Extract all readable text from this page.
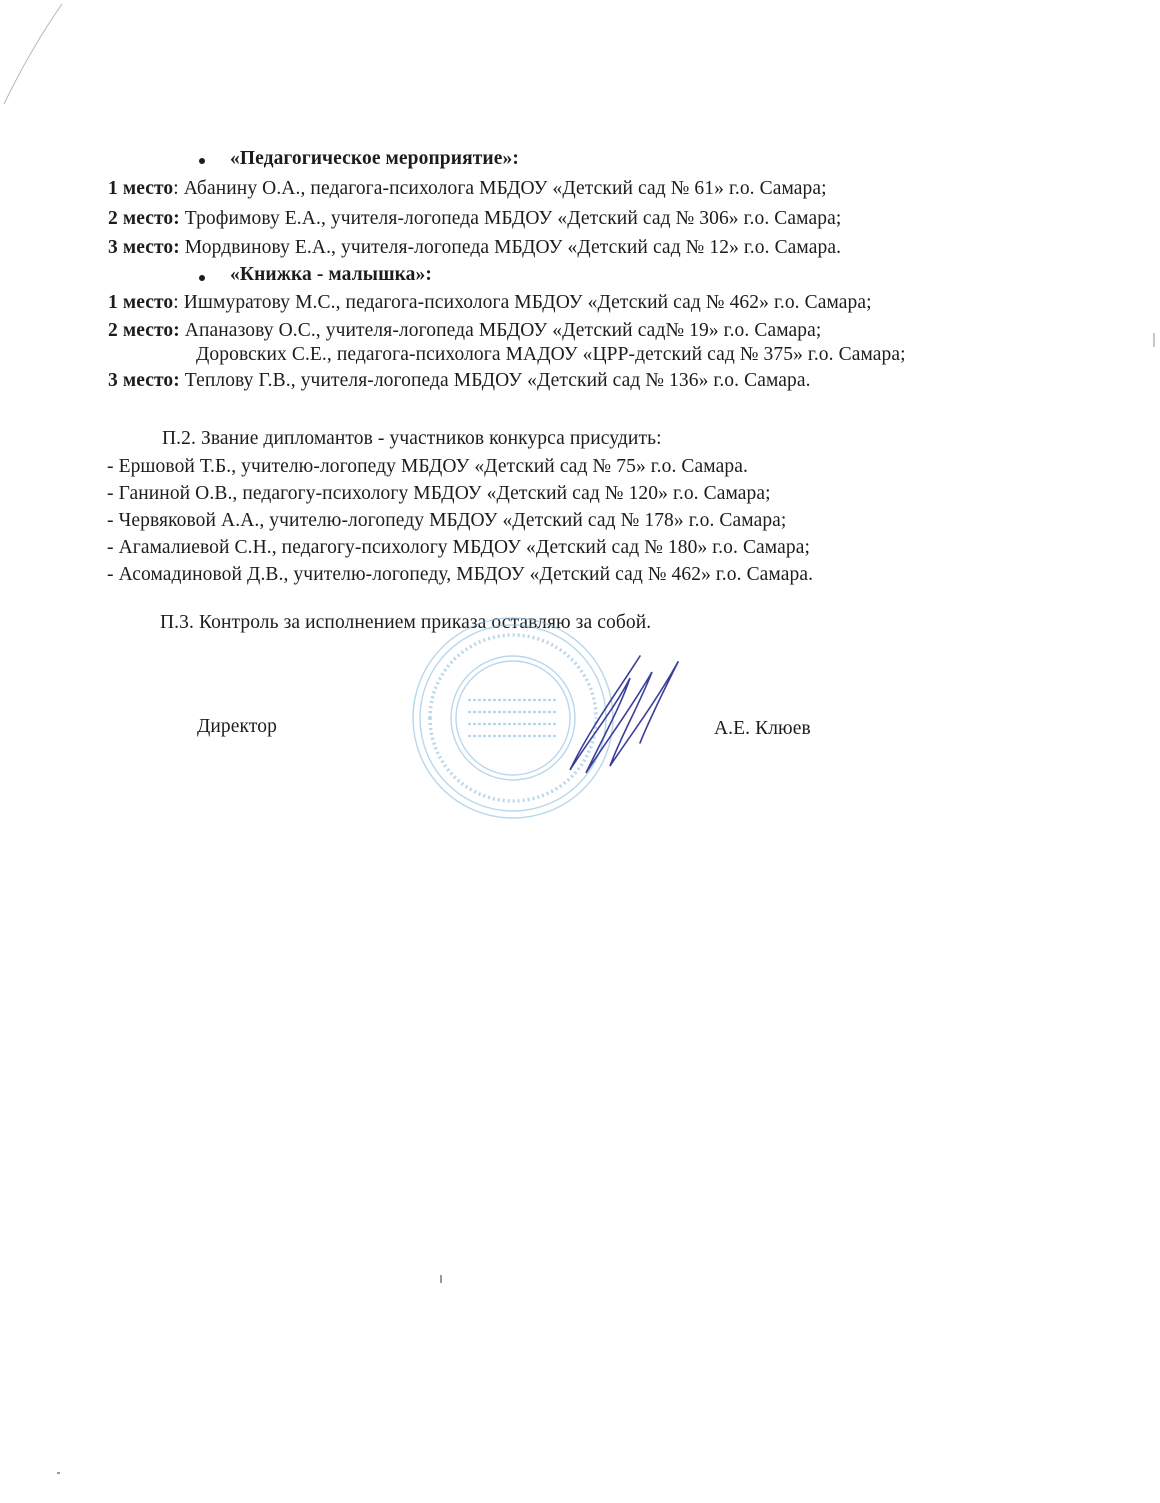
«Педагогическое мероприятие»:
1 место: Абанину О.А., педагога-психолога МБДОУ «Детский сад № 61» г.о. Самара;
2 место: Трофимову Е.А., учителя-логопеда МБДОУ «Детский сад № 306» г.о. Самара;
3 место: Мордвинову Е.А., учителя-логопеда МБДОУ «Детский сад № 12» г.о. Самара.
«Книжка - малышка»:
1 место: Ишмуратову М.С., педагога-психолога МБДОУ «Детский сад № 462» г.о. Самара;
2 место: Апаназову О.С., учителя-логопеда МБДОУ «Детский сад№ 19» г.о. Самара;
Доровских С.Е., педагога-психолога МАДОУ «ЦРР-детский сад № 375» г.о. Самара;
3 место: Теплову Г.В., учителя-логопеда МБДОУ «Детский сад № 136» г.о. Самара.
П.2. Звание дипломантов - участников конкурса присудить:
- Ершовой Т.Б., учителю-логопеду МБДОУ «Детский сад № 75» г.о. Самара.
- Ганиной О.В., педагогу-психологу МБДОУ «Детский сад № 120» г.о. Самара;
- Червяковой А.А., учителю-логопеду МБДОУ «Детский сад № 178» г.о. Самара;
- Агамалиевой С.Н., педагогу-психологу МБДОУ «Детский сад № 180» г.о. Самара;
- Асомадиновой Д.В., учителю-логопеду, МБДОУ «Детский сад № 462» г.о. Самара.
П.3. Контроль за исполнением приказа оставляю за собой.
Директор	А.Е. Клюев
